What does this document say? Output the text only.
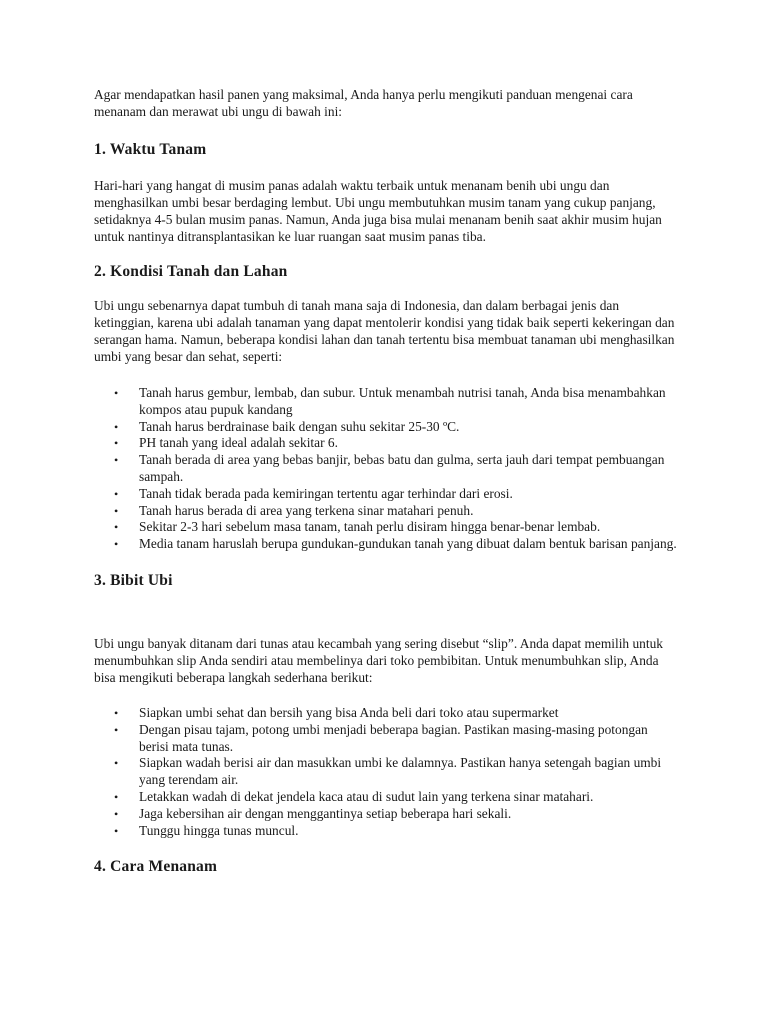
Agar mendapatkan hasil panen yang maksimal, Anda hanya perlu mengikuti panduan mengenai cara menanam dan merawat ubi ungu di bawah ini:

1. Waktu Tanam

Hari-hari yang hangat di musim panas adalah waktu terbaik untuk menanam benih ubi ungu dan menghasilkan umbi besar berdaging lembut. Ubi ungu membutuhkan musim tanam yang cukup panjang, setidaknya 4-5 bulan musim panas. Namun, Anda juga bisa mulai menanam benih saat akhir musim hujan untuk nantinya ditransplantasikan ke luar ruangan saat musim panas tiba.

2. Kondisi Tanah dan Lahan

Ubi ungu sebenarnya dapat tumbuh di tanah mana saja di Indonesia, dan dalam berbagai jenis dan ketinggian, karena ubi adalah tanaman yang dapat mentolerir kondisi yang tidak baik seperti kekeringan dan serangan hama. Namun, beberapa kondisi lahan dan tanah tertentu bisa membuat tanaman ubi menghasilkan umbi yang besar dan sehat, seperti:

• Tanah harus gembur, lembab, dan subur. Untuk menambah nutrisi tanah, Anda bisa menambahkan kompos atau pupuk kandang
• Tanah harus berdrainase baik dengan suhu sekitar 25-30 ºC.
• PH tanah yang ideal adalah sekitar 6.
• Tanah berada di area yang bebas banjir, bebas batu dan gulma, serta jauh dari tempat pembuangan sampah.
• Tanah tidak berada pada kemiringan tertentu agar terhindar dari erosi.
• Tanah harus berada di area yang terkena sinar matahari penuh.
• Sekitar 2-3 hari sebelum masa tanam, tanah perlu disiram hingga benar-benar lembab.
• Media tanam haruslah berupa gundukan-gundukan tanah yang dibuat dalam bentuk barisan panjang.
3. Bibit Ubi

Ubi ungu banyak ditanam dari tunas atau kecambah yang sering disebut “slip”. Anda dapat memilih untuk menumbuhkan slip Anda sendiri atau membelinya dari toko pembibitan. Untuk menumbuhkan slip, Anda bisa mengikuti beberapa langkah sederhana berikut:

• Siapkan umbi sehat dan bersih yang bisa Anda beli dari toko atau supermarket
• Dengan pisau tajam, potong umbi menjadi beberapa bagian. Pastikan masing-masing potongan berisi mata tunas.
• Siapkan wadah berisi air dan masukkan umbi ke dalamnya. Pastikan hanya setengah bagian umbi yang terendam air.
• Letakkan wadah di dekat jendela kaca atau di sudut lain yang terkena sinar matahari.
• Jaga kebersihan air dengan menggantinya setiap beberapa hari sekali.
• Tunggu hingga tunas muncul.
4. Cara Menanam
